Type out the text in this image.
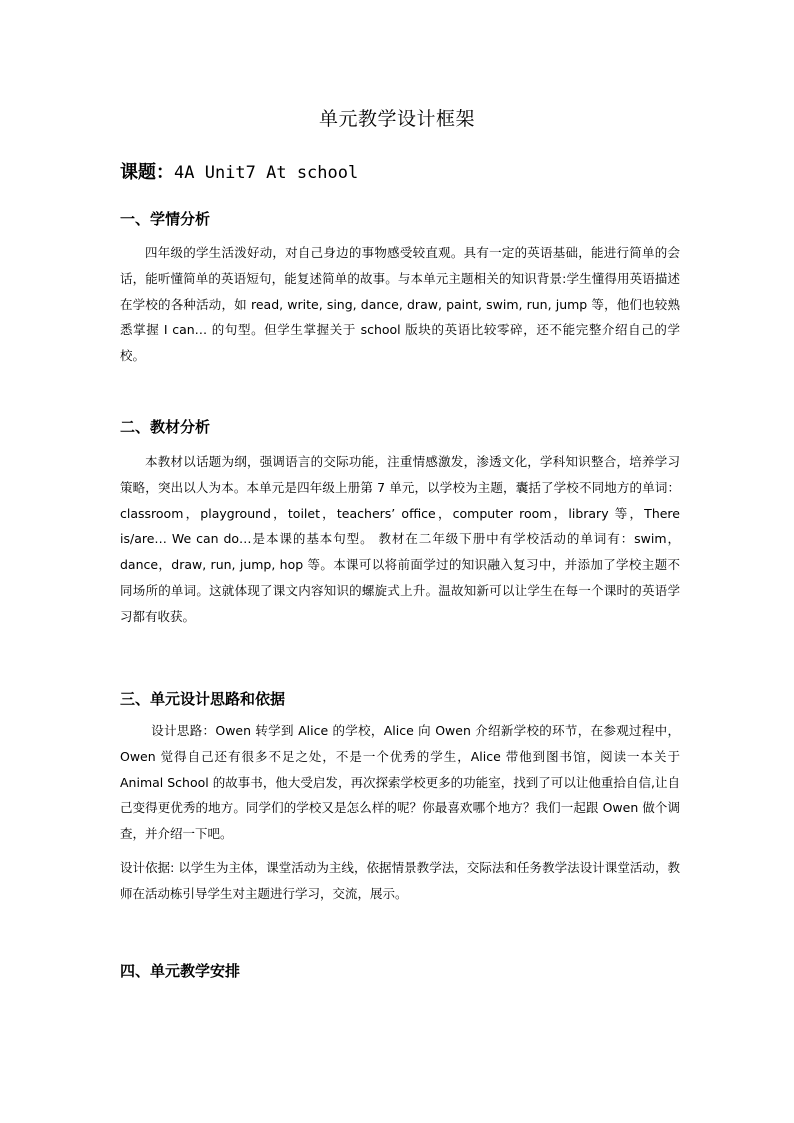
单元教学设计框架
课题：4A Unit7 At school
一、学情分析

四年级的学生活泼好动，对自己身边的事物感受较直观。具有一定的英语基础，能进行简单的会话，能听懂简单的英语短句，能复述简单的故事。与本单元主题相关的知识背景:学生懂得用英语描述在学校的各种活动，如 read, write, sing, dance, draw, paint, swim, run, jump 等，他们也较熟悉掌握 I can… 的句型。但学生掌握关于 school 版块的英语比较零碎，还不能完整介绍自己的学校。

二、教材分析

本教材以话题为纲，强调语言的交际功能，注重情感激发，渗透文化，学科知识整合，培养学习策略，突出以人为本。本单元是四年级上册第 7 单元，以学校为主题，囊括了学校不同地方的单词：classroom，playground，toilet，teachers’ office，computer room，library 等，There is/are… We can do…是本课的基本句型。 教材在二年级下册中有学校活动的单词有：swim，dance，draw, run, jump, hop 等。本课可以将前面学过的知识融入复习中，并添加了学校主题不同场所的单词。这就体现了课文内容知识的螺旋式上升。温故知新可以让学生在每一个课时的英语学习都有收获。

三、单元设计思路和依据

设计思路：Owen 转学到 Alice 的学校，Alice 向 Owen 介绍新学校的环节，在参观过程中，Owen 觉得自己还有很多不足之处，不是一个优秀的学生，Alice 带他到图书馆，阅读一本关于 Animal School 的故事书，他大受启发，再次探索学校更多的功能室，找到了可以让他重拾自信,让自己变得更优秀的地方。同学们的学校又是怎么样的呢？你最喜欢哪个地方？我们一起跟 Owen 做个调查，并介绍一下吧。

设计依据: 以学生为主体，课堂活动为主线，依据情景教学法，交际法和任务教学法设计课堂活动，教师在活动栋引导学生对主题进行学习，交流，展示。

四、单元教学安排
